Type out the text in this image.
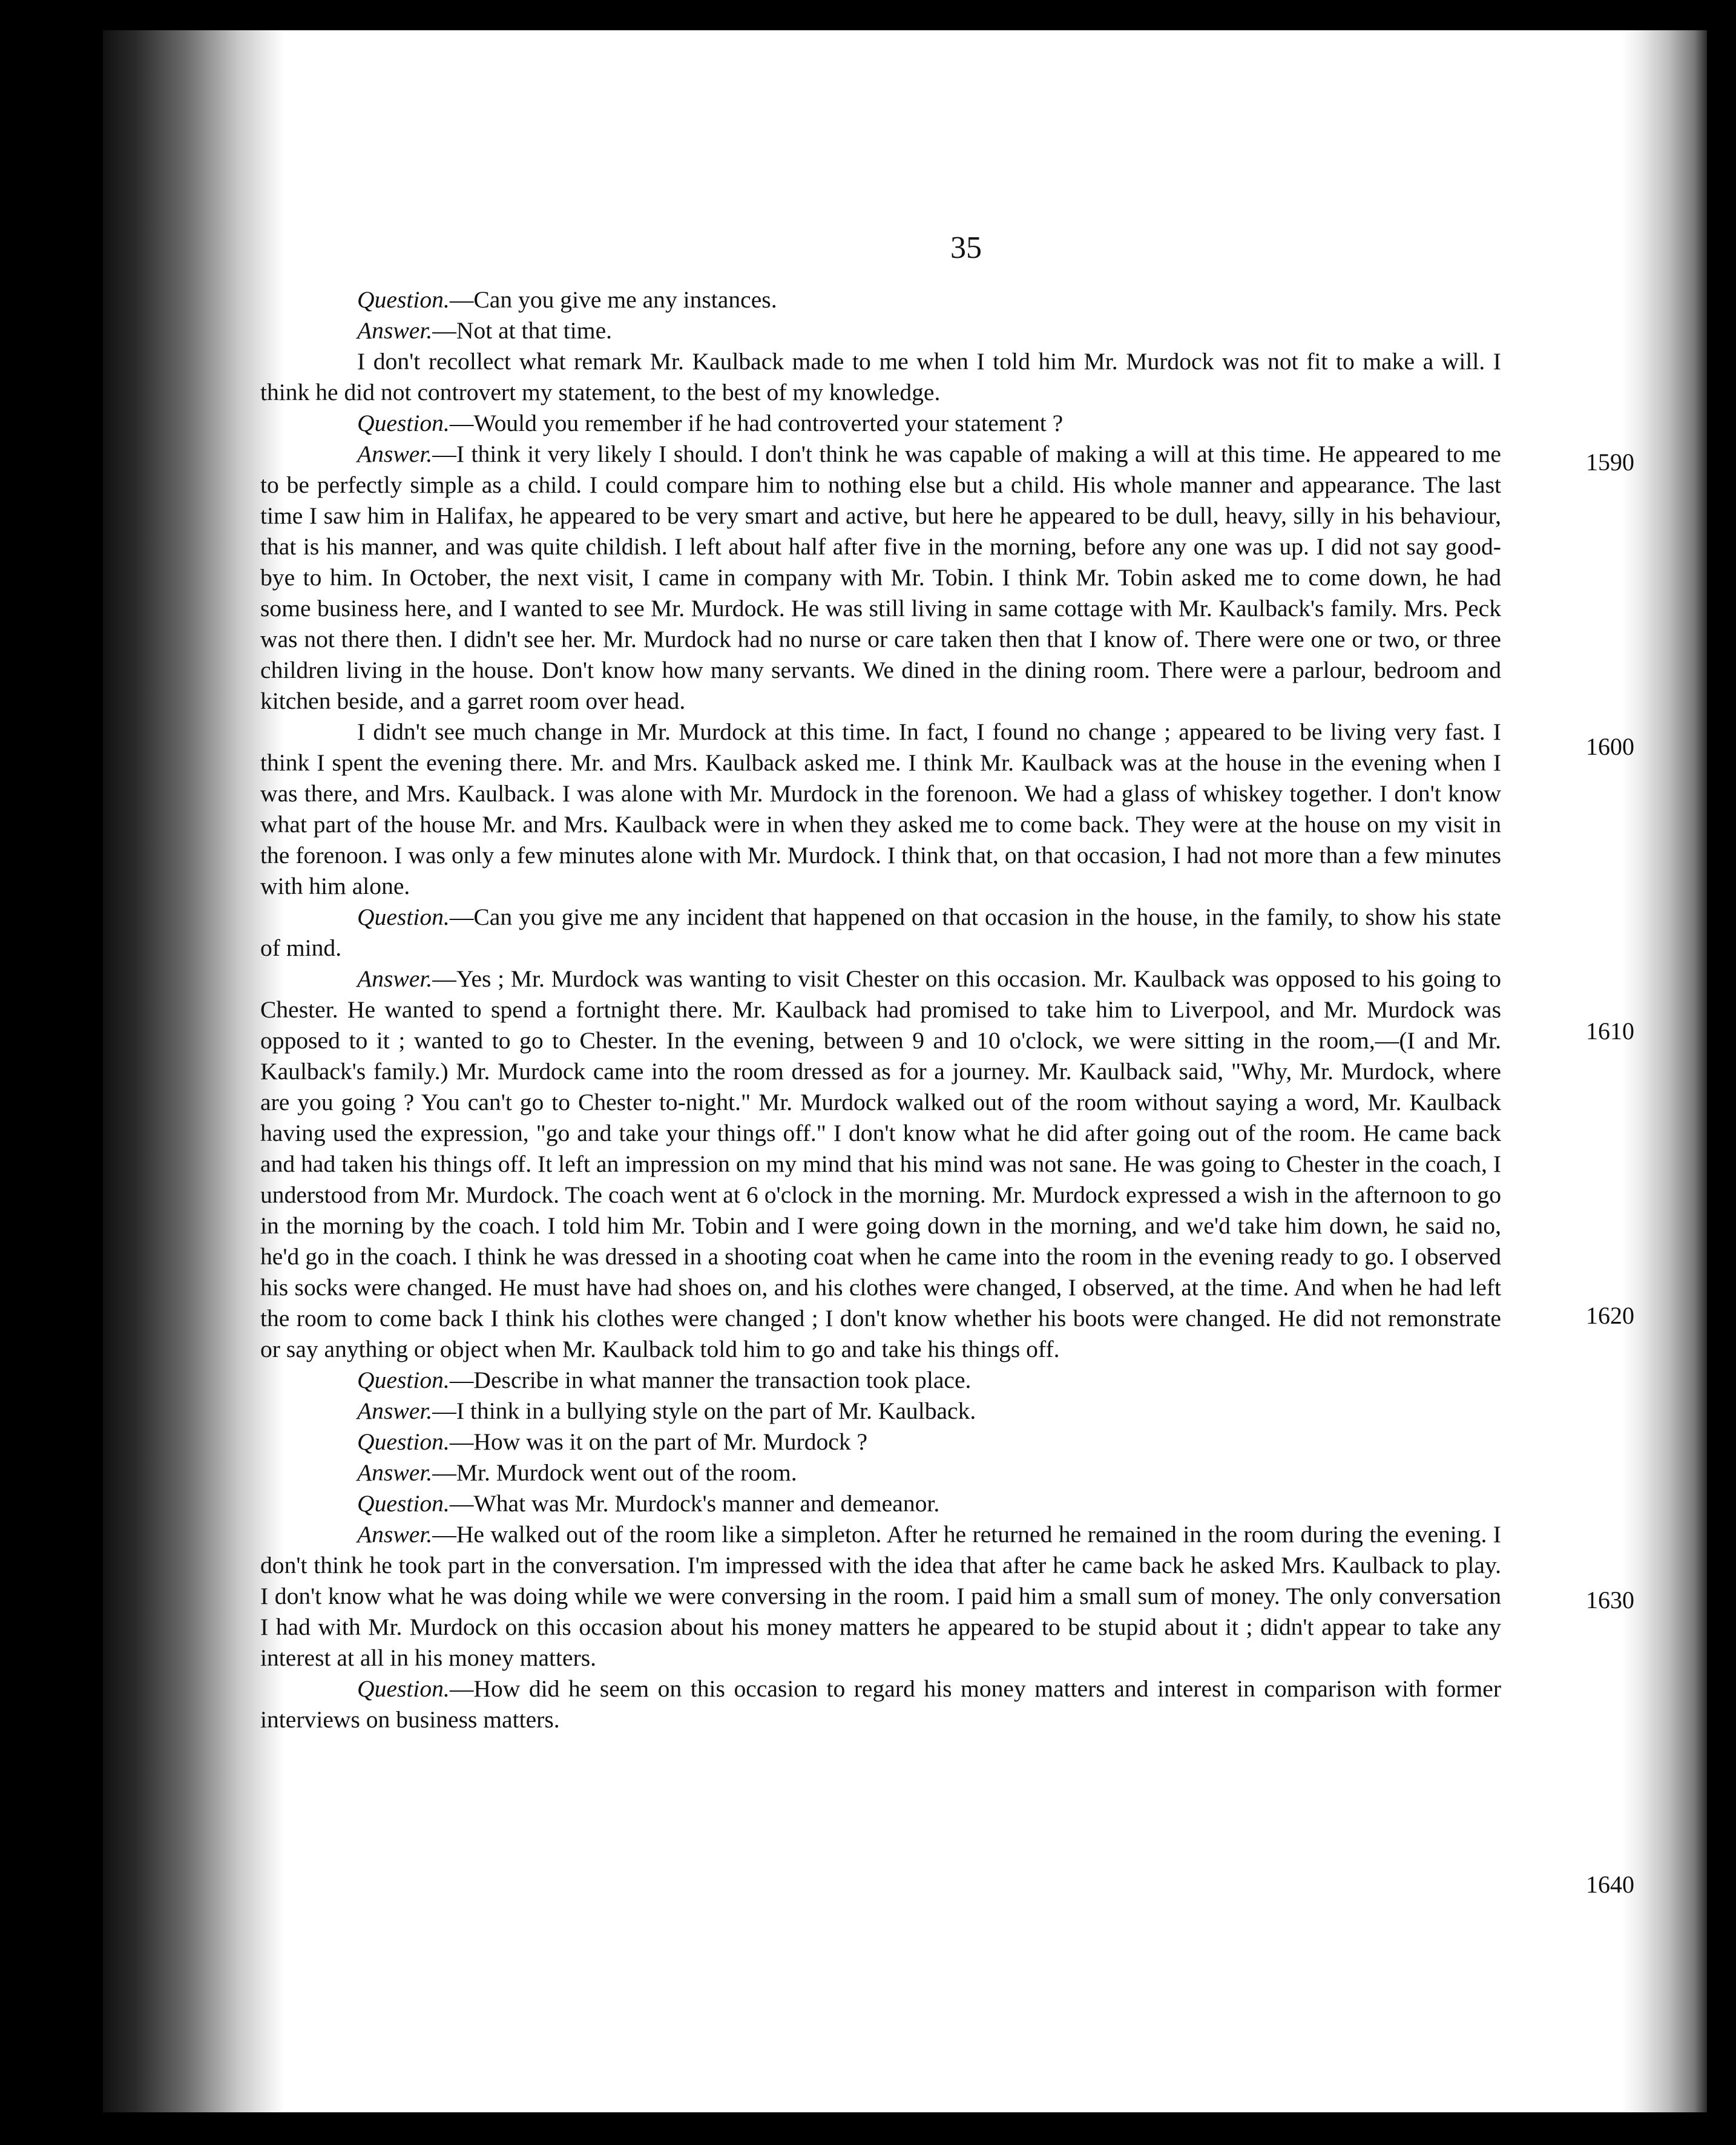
35

Question.—Can you give me any instances.

Answer.—Not at that time.

I don't recollect what remark Mr. Kaulback made to me when I told him Mr. Murdock was not fit to make a will. I think he did not controvert my statement, to the best of my knowledge.

Question.—Would you remember if he had controverted your statement ?

Answer.—I think it very likely I should. I don't think he was capable of making a will at this time. He appeared to me to be perfectly simple as a child. I could compare him to nothing else but a child. His whole manner and appearance. The last time I saw him in Halifax, he appeared to be very smart and active, but here he appeared to be dull, heavy, silly in his behaviour, that is his manner, and was quite childish. I left about half after five in the morning, before any one was up. I did not say good-bye to him. In October, the next visit, I came in company with Mr. Tobin. I think Mr. Tobin asked me to come down, he had some business here, and I wanted to see Mr. Murdock. He was still living in same cottage with Mr. Kaulback's family. Mrs. Peck was not there then. I didn't see her. Mr. Murdock had no nurse or care taken then that I know of. There were one or two, or three children living in the house. Don't know how many servants. We dined in the dining room. There were a parlour, bedroom and kitchen beside, and a garret room over head.

I didn't see much change in Mr. Murdock at this time. In fact, I found no change ; appeared to be living very fast. I think I spent the evening there. Mr. and Mrs. Kaulback asked me. I think Mr. Kaulback was at the house in the evening when I was there, and Mrs. Kaulback. I was alone with Mr. Murdock in the forenoon. We had a glass of whiskey together. I don't know what part of the house Mr. and Mrs. Kaulback were in when they asked me to come back. They were at the house on my visit in the forenoon. I was only a few minutes alone with Mr. Murdock. I think that, on that occasion, I had not more than a few minutes with him alone.

Question.—Can you give me any incident that happened on that occasion in the house, in the family, to show his state of mind.

Answer.—Yes ; Mr. Murdock was wanting to visit Chester on this occasion. Mr. Kaulback was opposed to his going to Chester. He wanted to spend a fortnight there. Mr. Kaulback had promised to take him to Liverpool, and Mr. Murdock was opposed to it ; wanted to go to Chester. In the evening, between 9 and 10 o'clock, we were sitting in the room,—(I and Mr. Kaulback's family.) Mr. Murdock came into the room dressed as for a journey. Mr. Kaulback said, "Why, Mr. Murdock, where are you going ? You can't go to Chester to-night." Mr. Murdock walked out of the room without saying a word, Mr. Kaulback having used the expression, "go and take your things off." I don't know what he did after going out of the room. He came back and had taken his things off. It left an impression on my mind that his mind was not sane. He was going to Chester in the coach, I understood from Mr. Murdock. The coach went at 6 o'clock in the morning. Mr. Murdock expressed a wish in the afternoon to go in the morning by the coach. I told him Mr. Tobin and I were going down in the morning, and we'd take him down, he said no, he'd go in the coach. I think he was dressed in a shooting coat when he came into the room in the evening ready to go. I observed his socks were changed. He must have had shoes on, and his clothes were changed, I observed, at the time. And when he had left the room to come back I think his clothes were changed ; I don't know whether his boots were changed. He did not remonstrate or say anything or object when Mr. Kaulback told him to go and take his things off.

Question.—Describe in what manner the transaction took place.

Answer.—I think in a bullying style on the part of Mr. Kaulback.

Question.—How was it on the part of Mr. Murdock ?

Answer.—Mr. Murdock went out of the room.

Question.—What was Mr. Murdock's manner and demeanor.

Answer.—He walked out of the room like a simpleton. After he returned he remained in the room during the evening. I don't think he took part in the conversation. I'm impressed with the idea that after he came back he asked Mrs. Kaulback to play. I don't know what he was doing while we were conversing in the room. I paid him a small sum of money. The only conversation I had with Mr. Murdock on this occasion about his money matters he appeared to be stupid about it ; didn't appear to take any interest at all in his money matters.

Question.—How did he seem on this occasion to regard his money matters and interest in comparison with former interviews on business matters.

1590
1600
1610
1620
1630
1640
